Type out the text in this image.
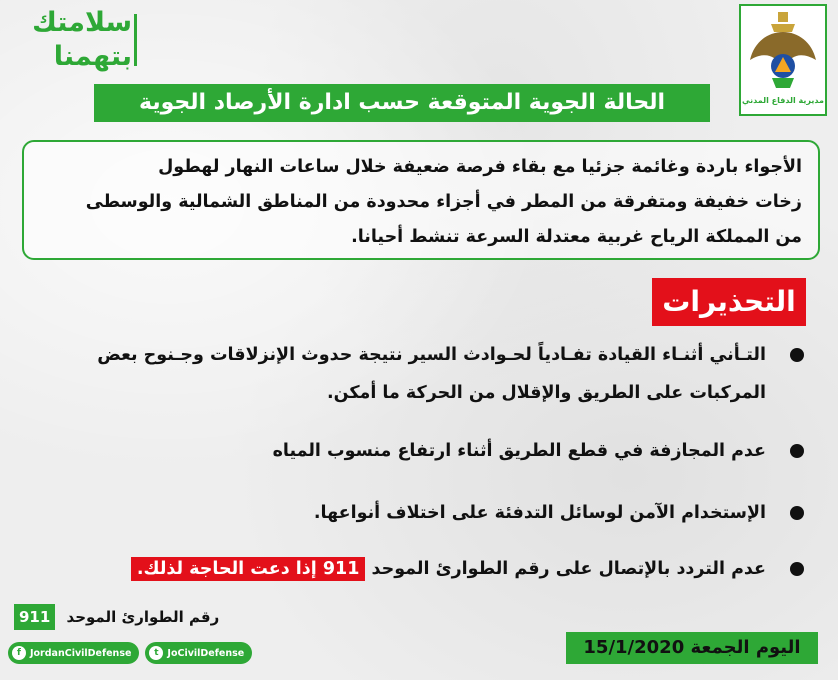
سلامتك
بتهمنا
مديرية الدفاع المدني
الحالة الجوية المتوقعة حسب ادارة الأرصاد الجوية
الأجواء باردة وغائمة جزئيا مع بقاء فرصة ضعيفة خلال ساعات النهار لهطول
زخات خفيفة ومتفرقة من المطر في أجزاء محدودة من المناطق الشمالية والوسطى
من المملكة الرياح غربية معتدلة السرعة تنشط أحيانا.
التحذيرات
التـأني أثنـاء القيادة تفـادياً لحـوادث السير نتيجة حدوث الإنزلاقات وجـنوح بعض
المركبات على الطريق والإقلال من الحركة ما أمكن.
عدم المجازفة في قطع الطريق أثناء ارتفاع منسوب المياه
الإستخدام الآمن لوسائل التدفئة على اختلاف أنواعها.
عدم التردد بالإتصال على رقم الطوارئ الموحد 911 إذا دعت الحاجة لذلك.
رقم الطوارئ الموحد 911
f JordanCivilDefense	t JoCivilDefense	اليوم الجمعة 15/1/2020
